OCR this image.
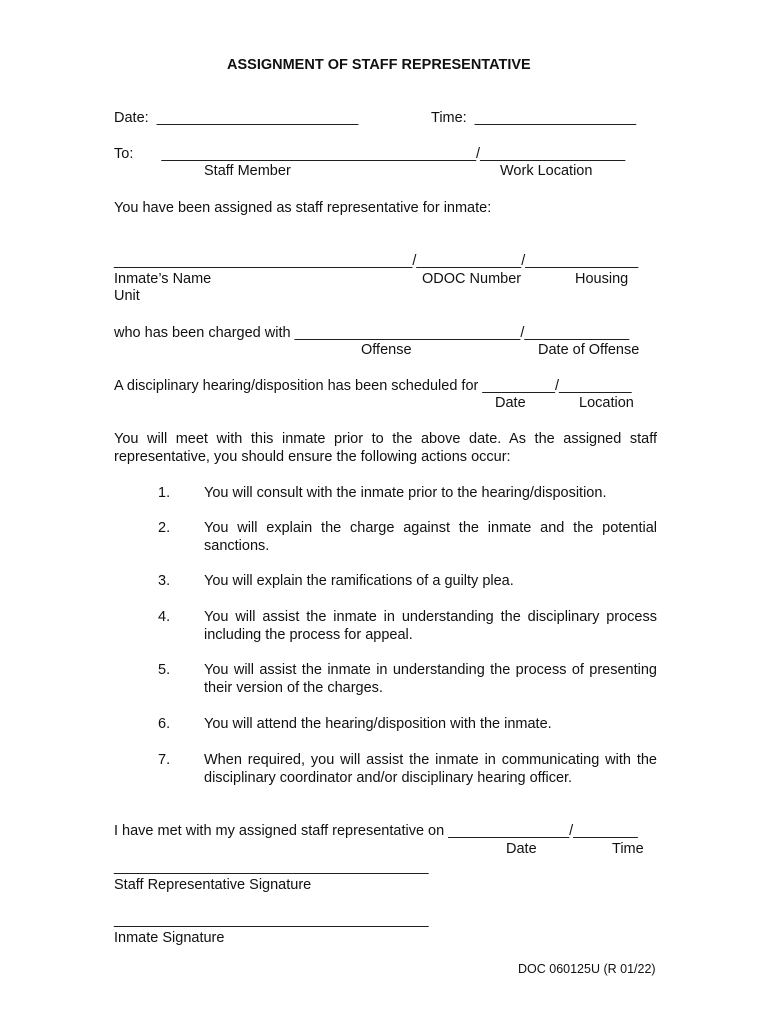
ASSIGNMENT OF STAFF REPRESENTATIVE
Date:  _________________________	Time:  ____________________
To:       _______________________________________/__________________
Staff Member	Work Location
You have been assigned as staff representative for inmate:
_____________________________________/_____________/______________
Inmate’s Name	ODOC Number	Housing
Unit
who has been charged with ____________________________/_____________
Offense	Date of Offense
A disciplinary hearing/disposition has been scheduled for _________/_________
Date	Location
You will meet with this inmate prior to the above date. As the assigned staff representative, you should ensure the following actions occur:
1. You will consult with the inmate prior to the hearing/disposition.
2. You will explain the charge against the inmate and the potential sanctions.
3. You will explain the ramifications of a guilty plea.
4. You will assist the inmate in understanding the disciplinary process including the process for appeal.
5. You will assist the inmate in understanding the process of presenting their version of the charges.
6. You will attend the hearing/disposition with the inmate.
7. When required, you will assist the inmate in communicating with the disciplinary coordinator and/or disciplinary hearing officer.
I have met with my assigned staff representative on _______________/________
Date	Time
_______________________________________
Staff Representative Signature
_______________________________________
Inmate Signature
DOC 060125U (R 01/22)
